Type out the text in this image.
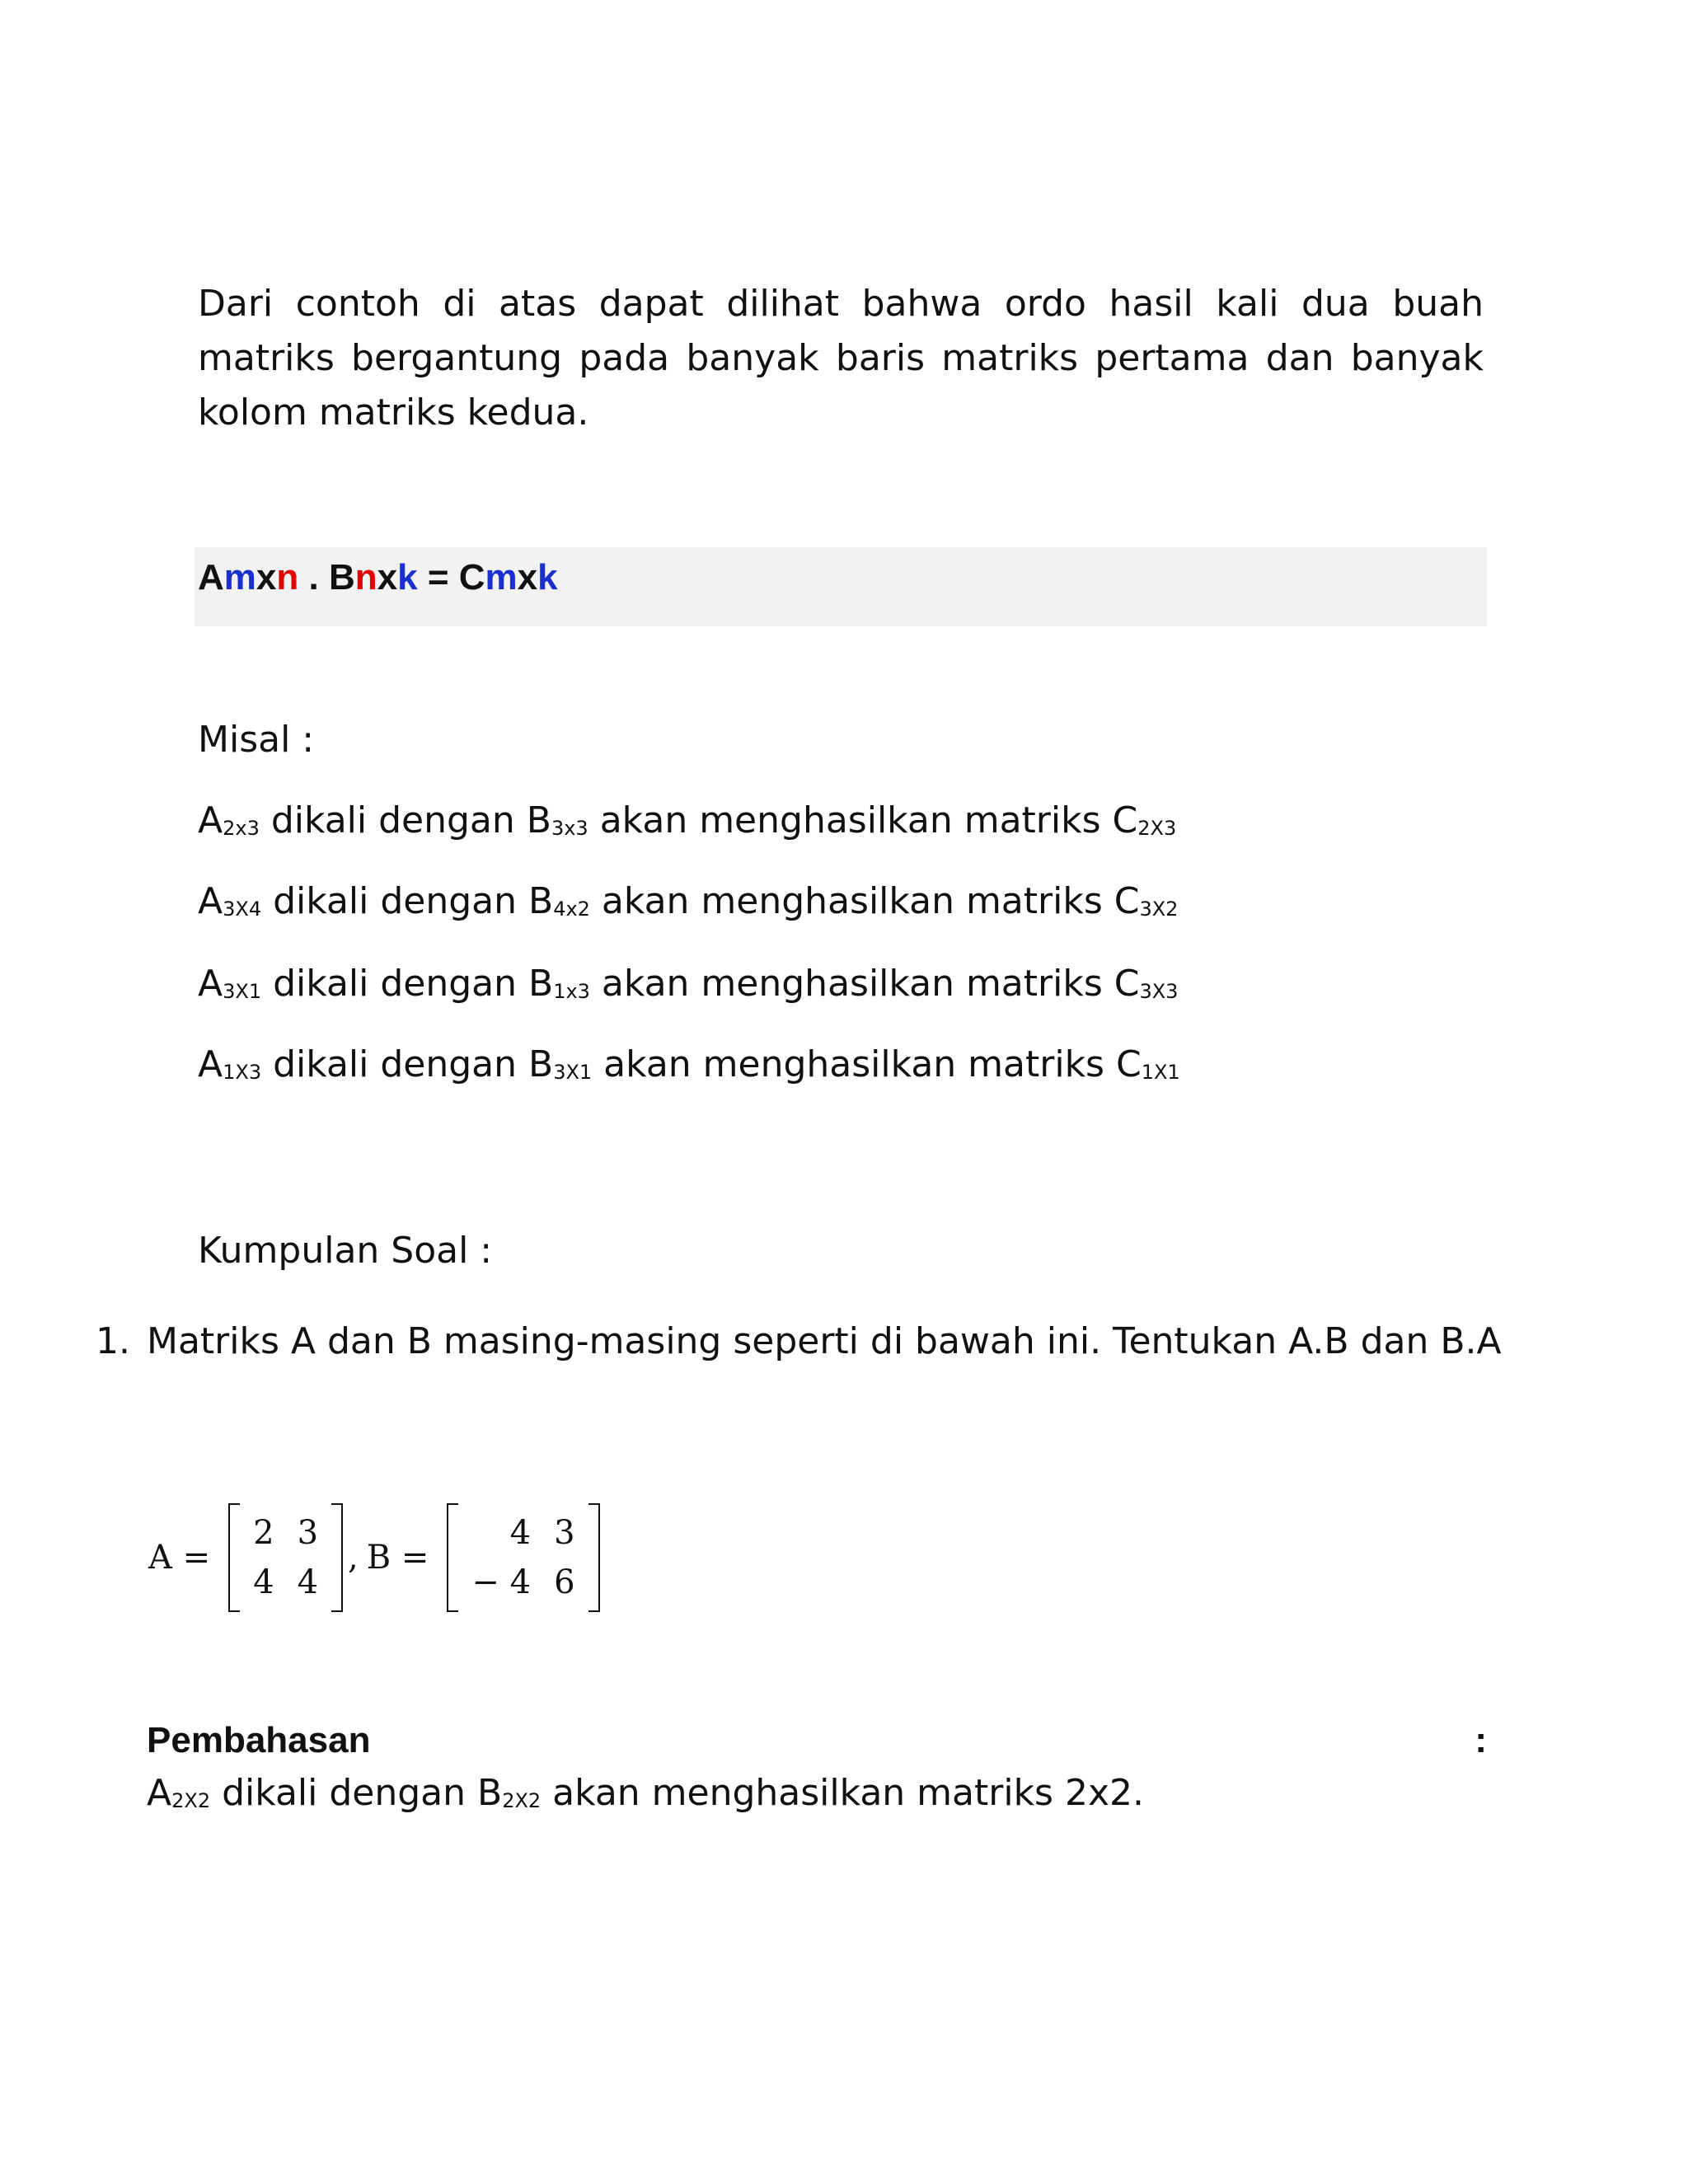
Dari contoh di atas dapat dilihat bahwa ordo hasil kali dua buah matriks bergantung pada banyak baris matriks pertama dan banyak kolom matriks kedua.

Amxn . Bnxk = Cmxk

Misal :

$A_{2x3}$ dikali dengan $B_{3x3}$ akan menghasilkan matriks $C_{2X3}$

$A_{3X4}$ dikali dengan $B_{4x2}$ akan menghasilkan matriks $C_{3X2}$

$A_{3X1}$ dikali dengan $B_{1x3}$ akan menghasilkan matriks $C_{3X3}$

$A_{1X3}$ dikali dengan $B_{3X1}$ akan menghasilkan matriks $C_{1X1}$

Kumpulan Soal :

1. Matriks A dan B masing-masing seperti di bawah ini. Tentukan A.B dan B.A
A =
2	3
4	4
, B =
4	3
− 4	6
Pembahasan	:

$A_{2X2}$ dikali dengan $B_{2X2}$ akan menghasilkan matriks 2x2.
